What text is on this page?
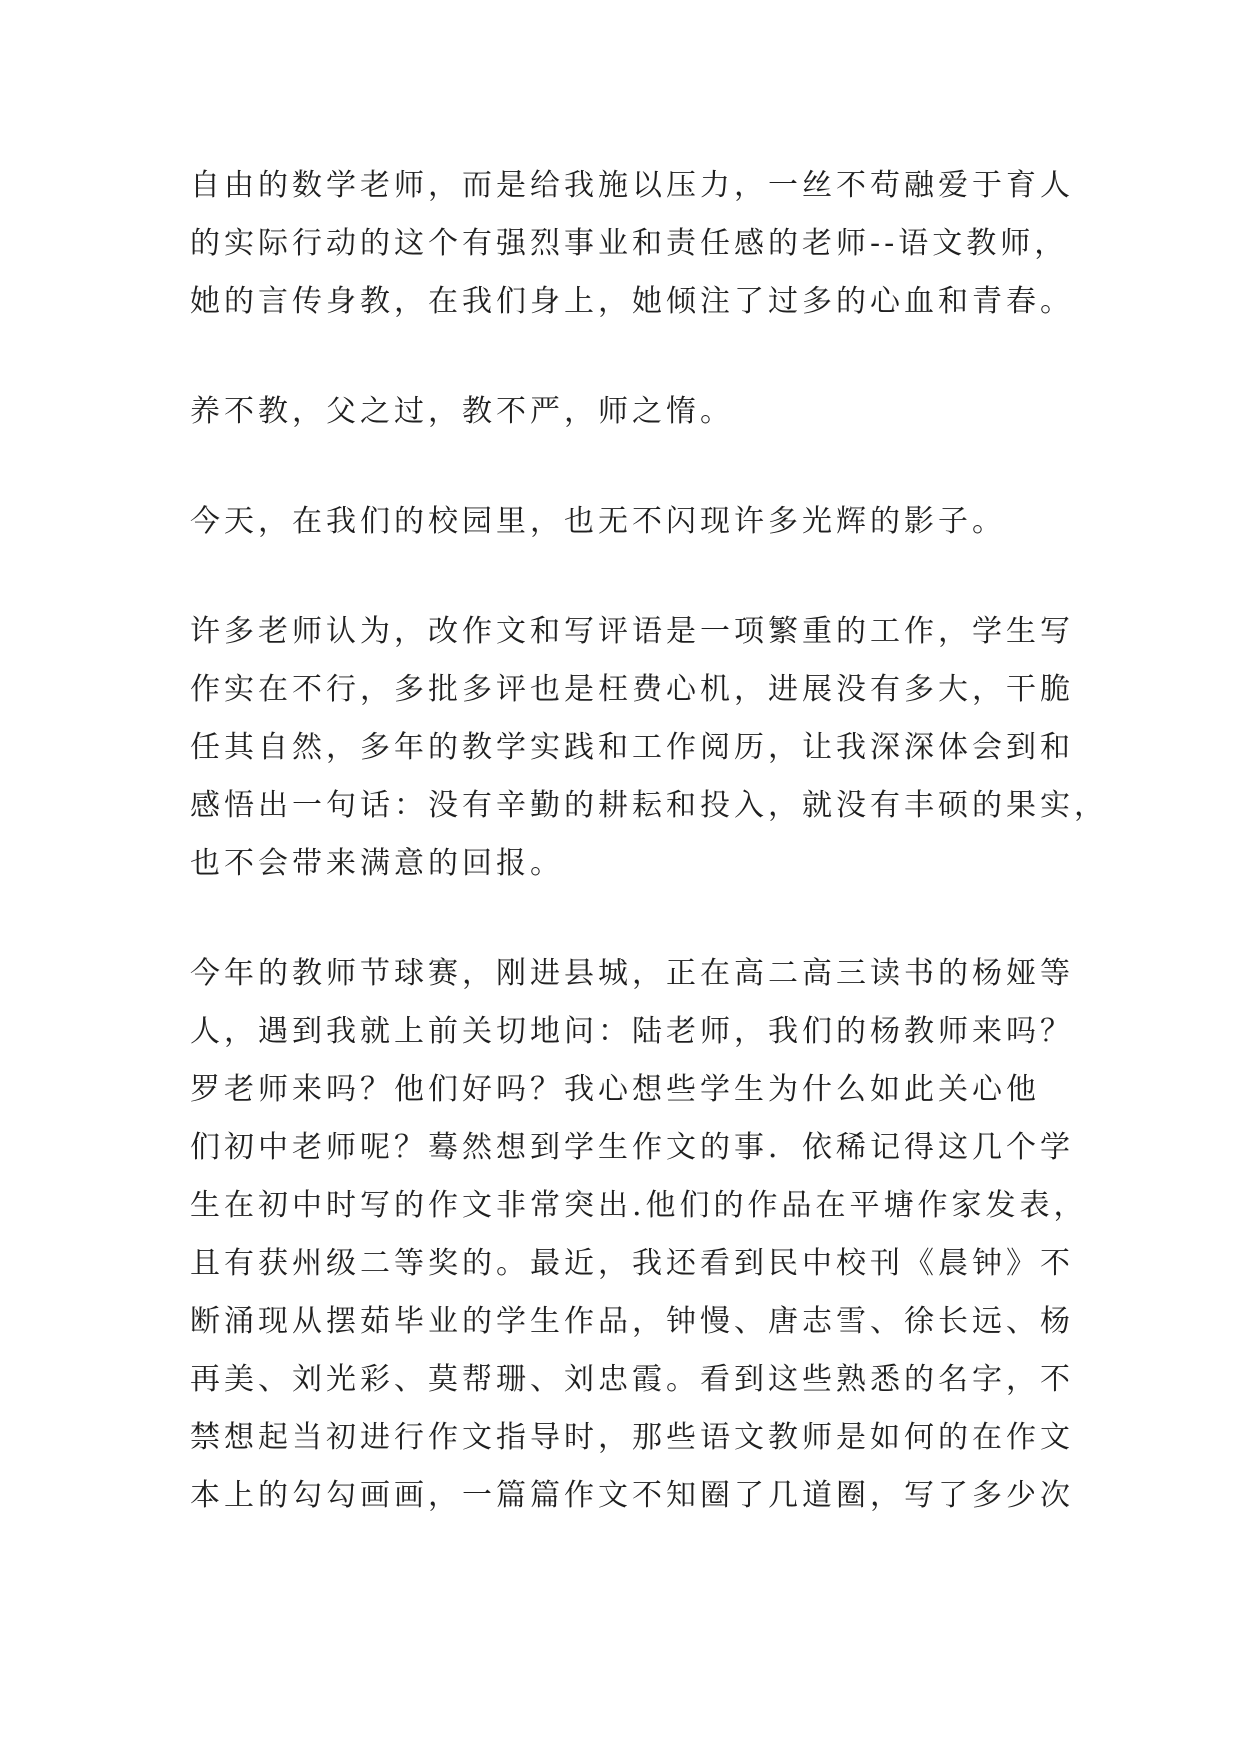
自由的数学老师，而是给我施以压力，一丝不苟融爱于育人
的实际行动的这个有强烈事业和责任感的老师--语文教师，
她的言传身教，在我们身上，她倾注了过多的心血和青春。
养不教，父之过，教不严，师之惰。
今天，在我们的校园里，也无不闪现许多光辉的影子。
许多老师认为，改作文和写评语是一项繁重的工作，学生写
作实在不行，多批多评也是枉费心机，进展没有多大，干脆
任其自然，多年的教学实践和工作阅历，让我深深体会到和
感悟出一句话：没有辛勤的耕耘和投入，就没有丰硕的果实，
也不会带来满意的回报。
今年的教师节球赛，刚进县城，正在高二高三读书的杨娅等
人，遇到我就上前关切地问：陆老师，我们的杨教师来吗？
罗老师来吗？他们好吗？我心想些学生为什么如此关心他
们初中老师呢？蓦然想到学生作文的事．依稀记得这几个学
生在初中时写的作文非常突出.他们的作品在平塘作家发表，
且有获州级二等奖的。最近，我还看到民中校刊《晨钟》不
断涌现从摆茹毕业的学生作品，钟慢、唐志雪、徐长远、杨
再美、刘光彩、莫帮珊、刘忠霞。看到这些熟悉的名字，不
禁想起当初进行作文指导时，那些语文教师是如何的在作文
本上的勾勾画画，一篇篇作文不知圈了几道圈，写了多少次
